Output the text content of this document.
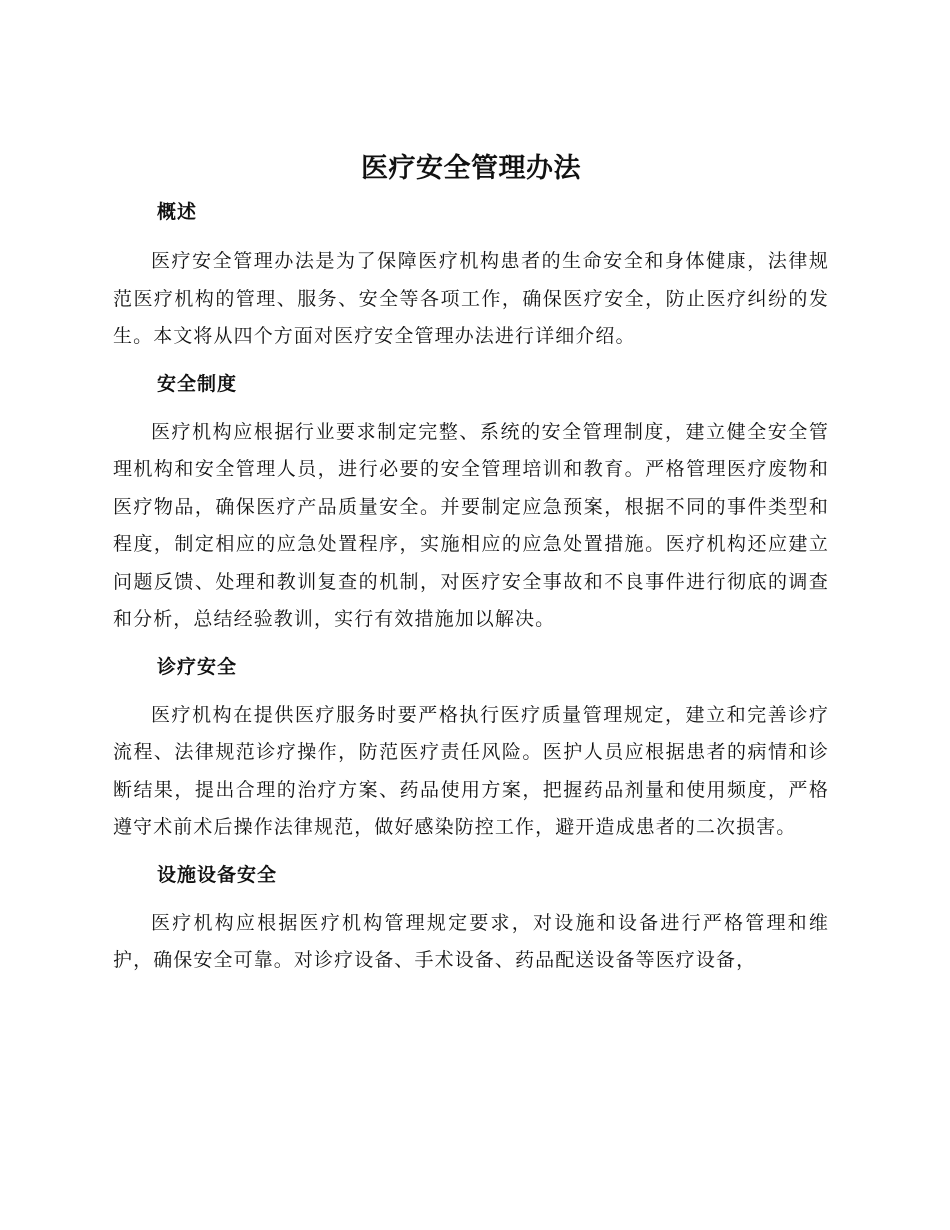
医疗安全管理办法
概述

医疗安全管理办法是为了保障医疗机构患者的生命安全和身体健康，法律规范医疗机构的管理、服务、安全等各项工作，确保医疗安全，防止医疗纠纷的发生。本文将从四个方面对医疗安全管理办法进行详细介绍。

安全制度

医疗机构应根据行业要求制定完整、系统的安全管理制度，建立健全安全管理机构和安全管理人员，进行必要的安全管理培训和教育。严格管理医疗废物和医疗物品，确保医疗产品质量安全。并要制定应急预案，根据不同的事件类型和程度，制定相应的应急处置程序，实施相应的应急处置措施。医疗机构还应建立问题反馈、处理和教训复查的机制，对医疗安全事故和不良事件进行彻底的调查和分析，总结经验教训，实行有效措施加以解决。

诊疗安全

医疗机构在提供医疗服务时要严格执行医疗质量管理规定，建立和完善诊疗流程、法律规范诊疗操作，防范医疗责任风险。医护人员应根据患者的病情和诊断结果，提出合理的治疗方案、药品使用方案，把握药品剂量和使用频度，严格遵守术前术后操作法律规范，做好感染防控工作，避开造成患者的二次损害。

设施设备安全

医疗机构应根据医疗机构管理规定要求，对设施和设备进行严格管理和维护，确保安全可靠。对诊疗设备、手术设备、药品配送设备等医疗设备，
